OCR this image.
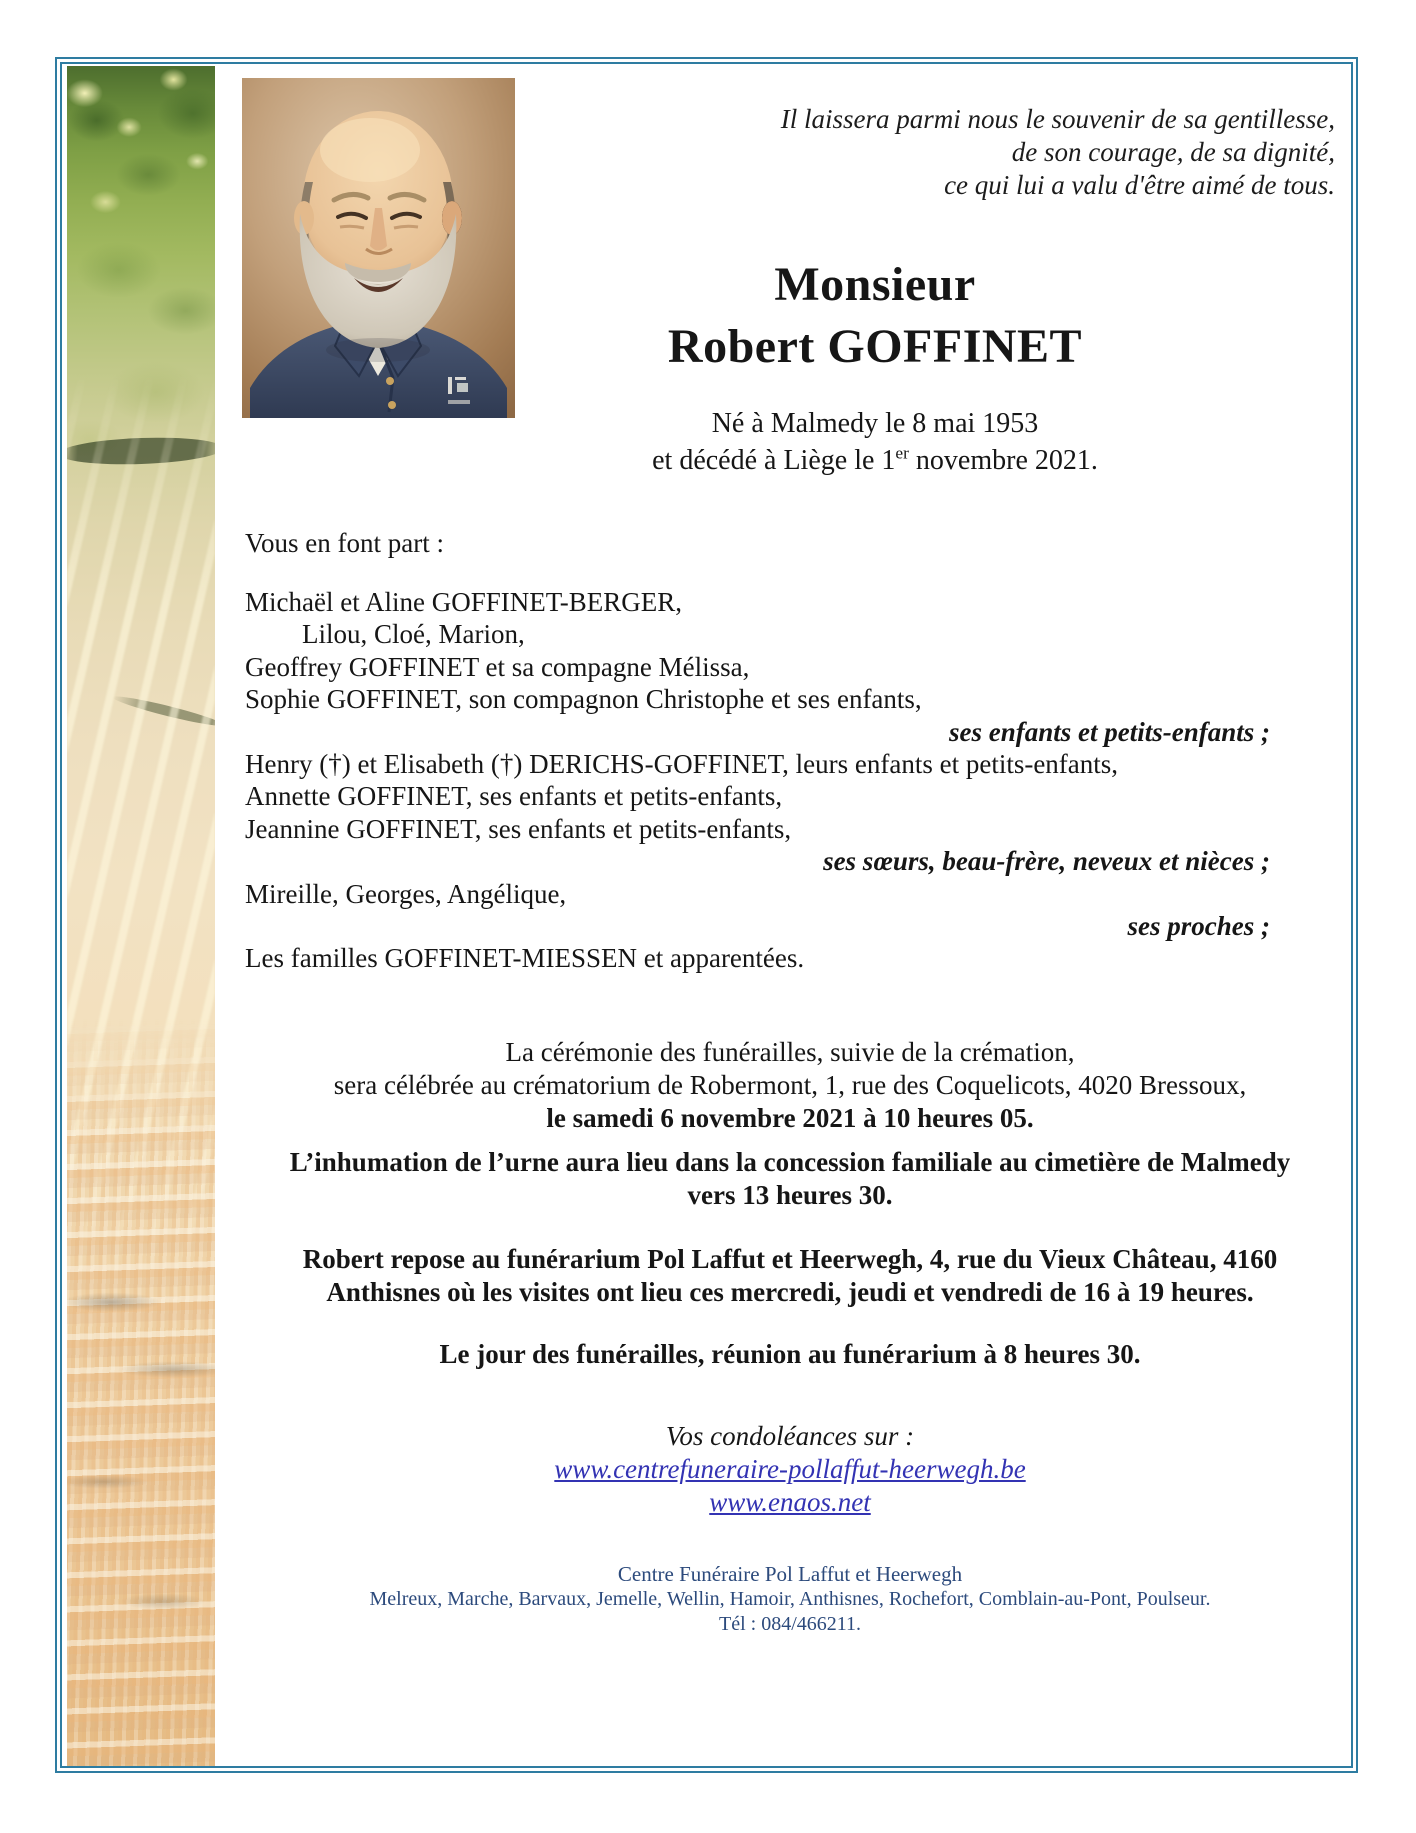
Il laissera parmi nous le souvenir de sa gentillesse,
de son courage, de sa dignité,
ce qui lui a valu d'être aimé de tous.
Monsieur
Robert GOFFINET
Né à Malmedy le 8 mai 1953
et décédé à Liège le 1er novembre 2021.
Vous en font part :
Michaël et Aline GOFFINET-BERGER,
Lilou, Cloé, Marion,
Geoffrey GOFFINET et sa compagne Mélissa,
Sophie GOFFINET, son compagnon Christophe et ses enfants,
ses enfants et petits-enfants ;
Henry (†) et Elisabeth (†) DERICHS-GOFFINET, leurs enfants et petits-enfants,
Annette GOFFINET, ses enfants et petits-enfants,
Jeannine GOFFINET, ses enfants et petits-enfants,
ses sœurs, beau-frère, neveux et nièces ;
Mireille, Georges, Angélique,
ses proches ;
Les familles GOFFINET-MIESSEN et apparentées.
La cérémonie des funérailles, suivie de la crémation,
sera célébrée au crématorium de Robermont, 1, rue des Coquelicots, 4020 Bressoux,
le samedi 6 novembre 2021 à 10 heures 05.
L’inhumation de l’urne aura lieu dans la concession familiale au cimetière de Malmedy
vers 13 heures 30.
Robert repose au funérarium Pol Laffut et Heerwegh, 4, rue du Vieux Château, 4160
Anthisnes où les visites ont lieu ces mercredi, jeudi et vendredi de 16 à 19 heures.
Le jour des funérailles, réunion au funérarium à 8 heures 30.
Vos condoléances sur :
www.centrefuneraire-pollaffut-heerwegh.be
www.enaos.net
Centre Funéraire Pol Laffut et Heerwegh
Melreux, Marche, Barvaux, Jemelle, Wellin, Hamoir, Anthisnes, Rochefort, Comblain-au-Pont, Poulseur.
Tél : 084/466211.
